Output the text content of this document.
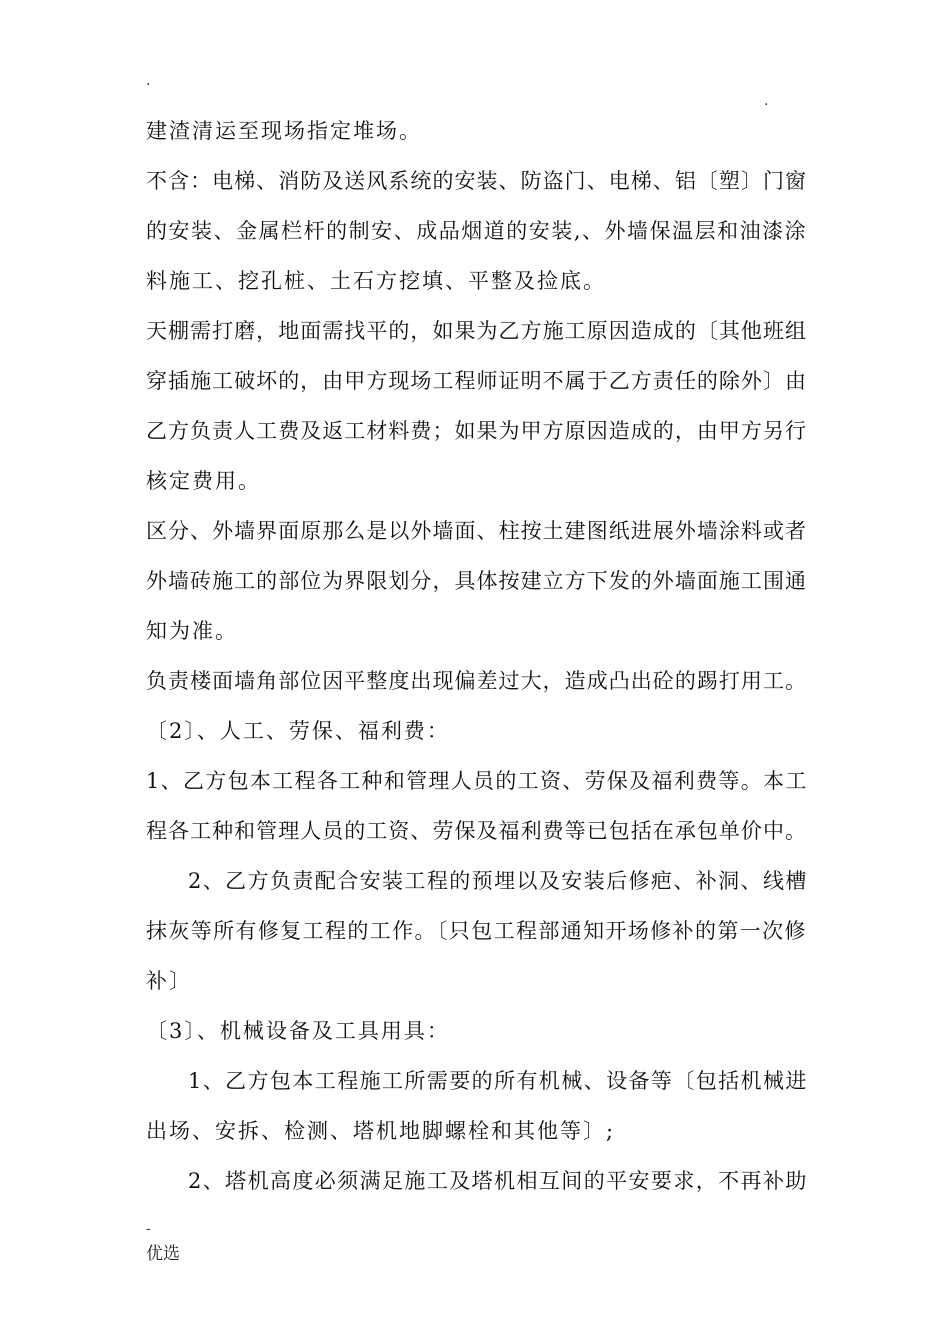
.
.
建渣清运至现场指定堆场。
不含：电梯、消防及送风系统的安装、防盗门、电梯、铝〔塑〕门窗
的安装、金属栏杆的制安、成品烟道的安装,、外墙保温层和油漆涂
料施工、挖孔桩、土石方挖填、平整及捡底。
天棚需打磨，地面需找平的，如果为乙方施工原因造成的〔其他班组
穿插施工破坏的，由甲方现场工程师证明不属于乙方责任的除外〕由
乙方负责人工费及返工材料费；如果为甲方原因造成的，由甲方另行
核定费用。
区分、外墙界面原那么是以外墙面、柱按土建图纸进展外墙涂料或者
外墙砖施工的部位为界限划分，具体按建立方下发的外墙面施工围通
知为准。
负责楼面墙角部位因平整度出现偏差过大，造成凸出砼的踢打用工。
〔2〕、人工、劳保、福利费：
1、乙方包本工程各工种和管理人员的工资、劳保及福利费等。本工
程各工种和管理人员的工资、劳保及福利费等已包括在承包单价中。
2、乙方负责配合安装工程的预埋以及安装后修疤、补洞、线槽
抹灰等所有修复工程的工作。〔只包工程部通知开场修补的第一次修
补〕
〔3〕、机械设备及工具用具：
1、乙方包本工程施工所需要的所有机械、设备等〔包括机械进
出场、安拆、检测、塔机地脚螺栓和其他等〕;
2、塔机高度必须满足施工及塔机相互间的平安要求，不再补助
-
优选
